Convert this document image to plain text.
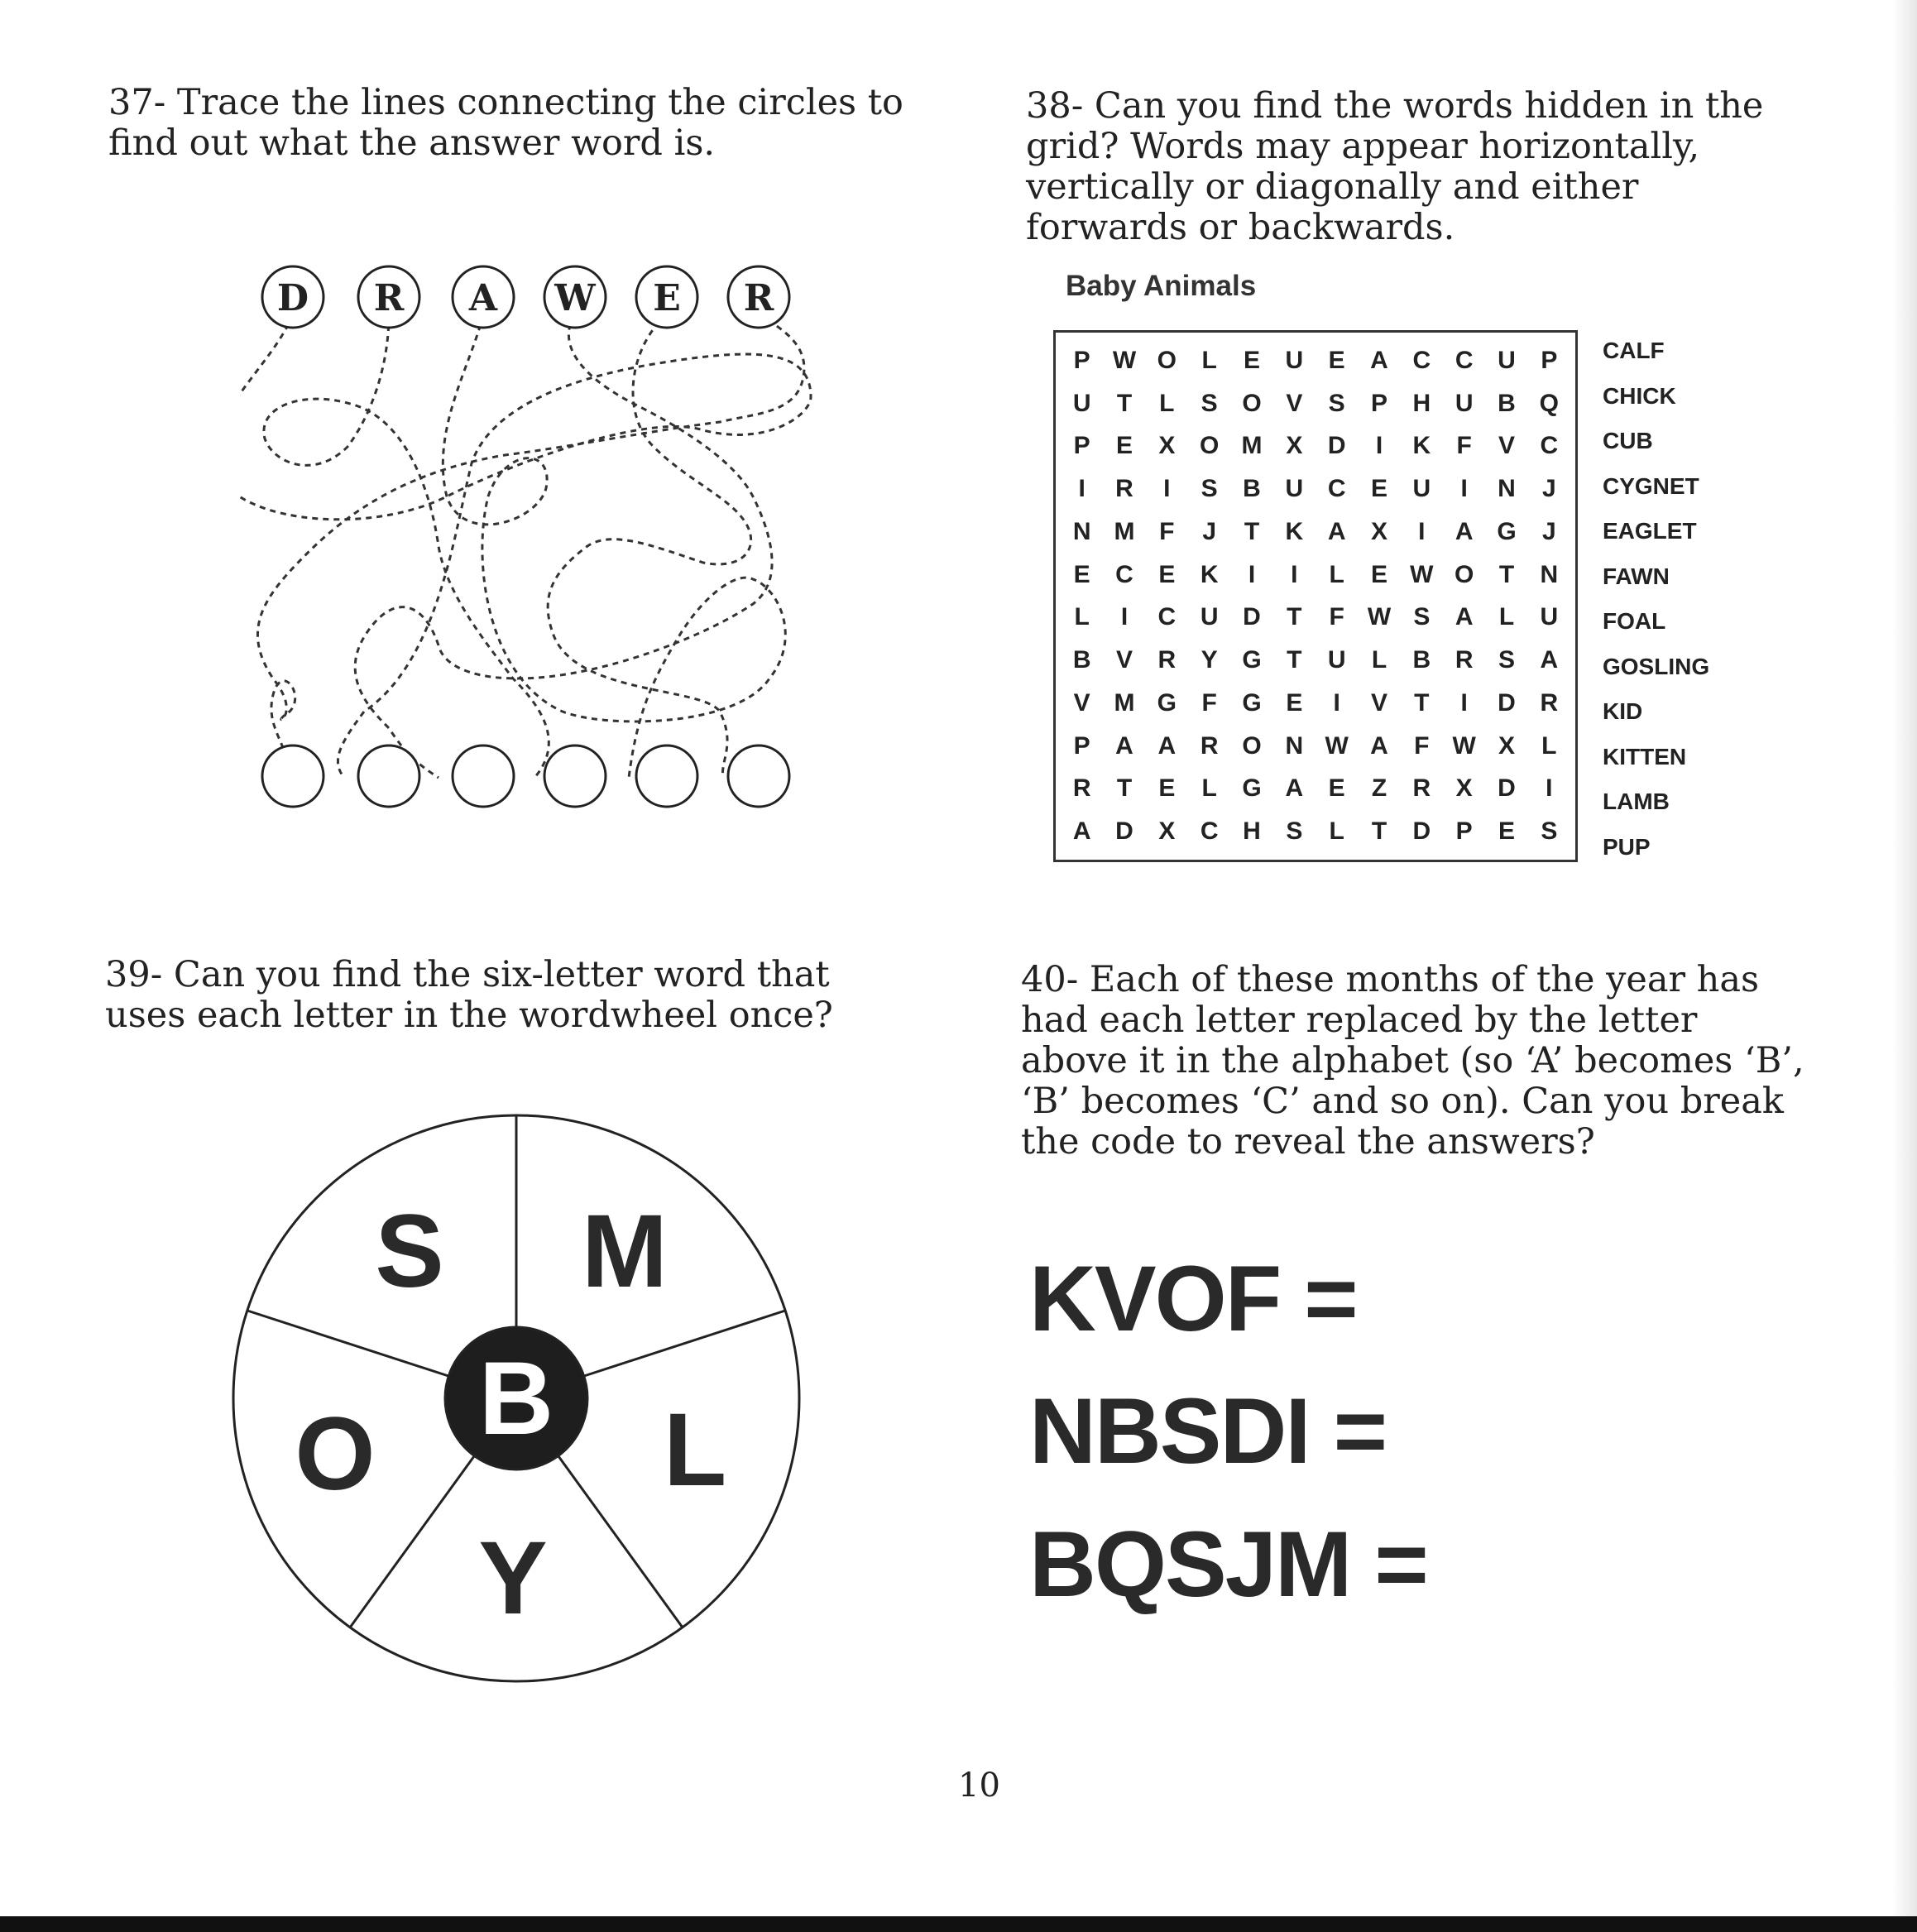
37- Trace the lines connecting the circles to
find out what the answer word is.
D R A W E R
38- Can you find the words hidden in the
grid? Words may appear horizontally,
vertically or diagonally and either
forwards or backwards.
Baby Animals
P W O	L	E	U	E	A C C U	P
U	T	L	S O V	S	P	H U B Q
P	E	X O M X	D	I	K	F	V	C
I	R	I	S	B U C	E	U	I	N	J
N M F	J	T	K A	X	I	A G	J
E	C	E	K	I	I	L	E W O	T	N
L	I	C U D	T	F W S	A	L	U
B	V	R	Y G	T	U	L	B R	S	A
V M G	F	G E	I	V	T	I	D R
P	A A R O N W A	F W X	L
R	T	E	L	G A	E	Z	R	X	D	I
A D	X	C H	S	L	T	D	P	E	S
CALF
CHICK
CUB
CYGNET
EAGLET
FAWN
FOAL
GOSLING
KID
KITTEN
LAMB
PUP
39- Can you find the six-letter word that
uses each letter in the wordwheel once?
B
S M
L
Y
O
40- Each of these months of the year has
had each letter replaced by the letter
above it in the alphabet (so ‘A’ becomes ‘B’,
‘B’ becomes ‘C’ and so on). Can you break
the code to reveal the answers?
KVOF =
NBSDI =
BQSJM =
10
